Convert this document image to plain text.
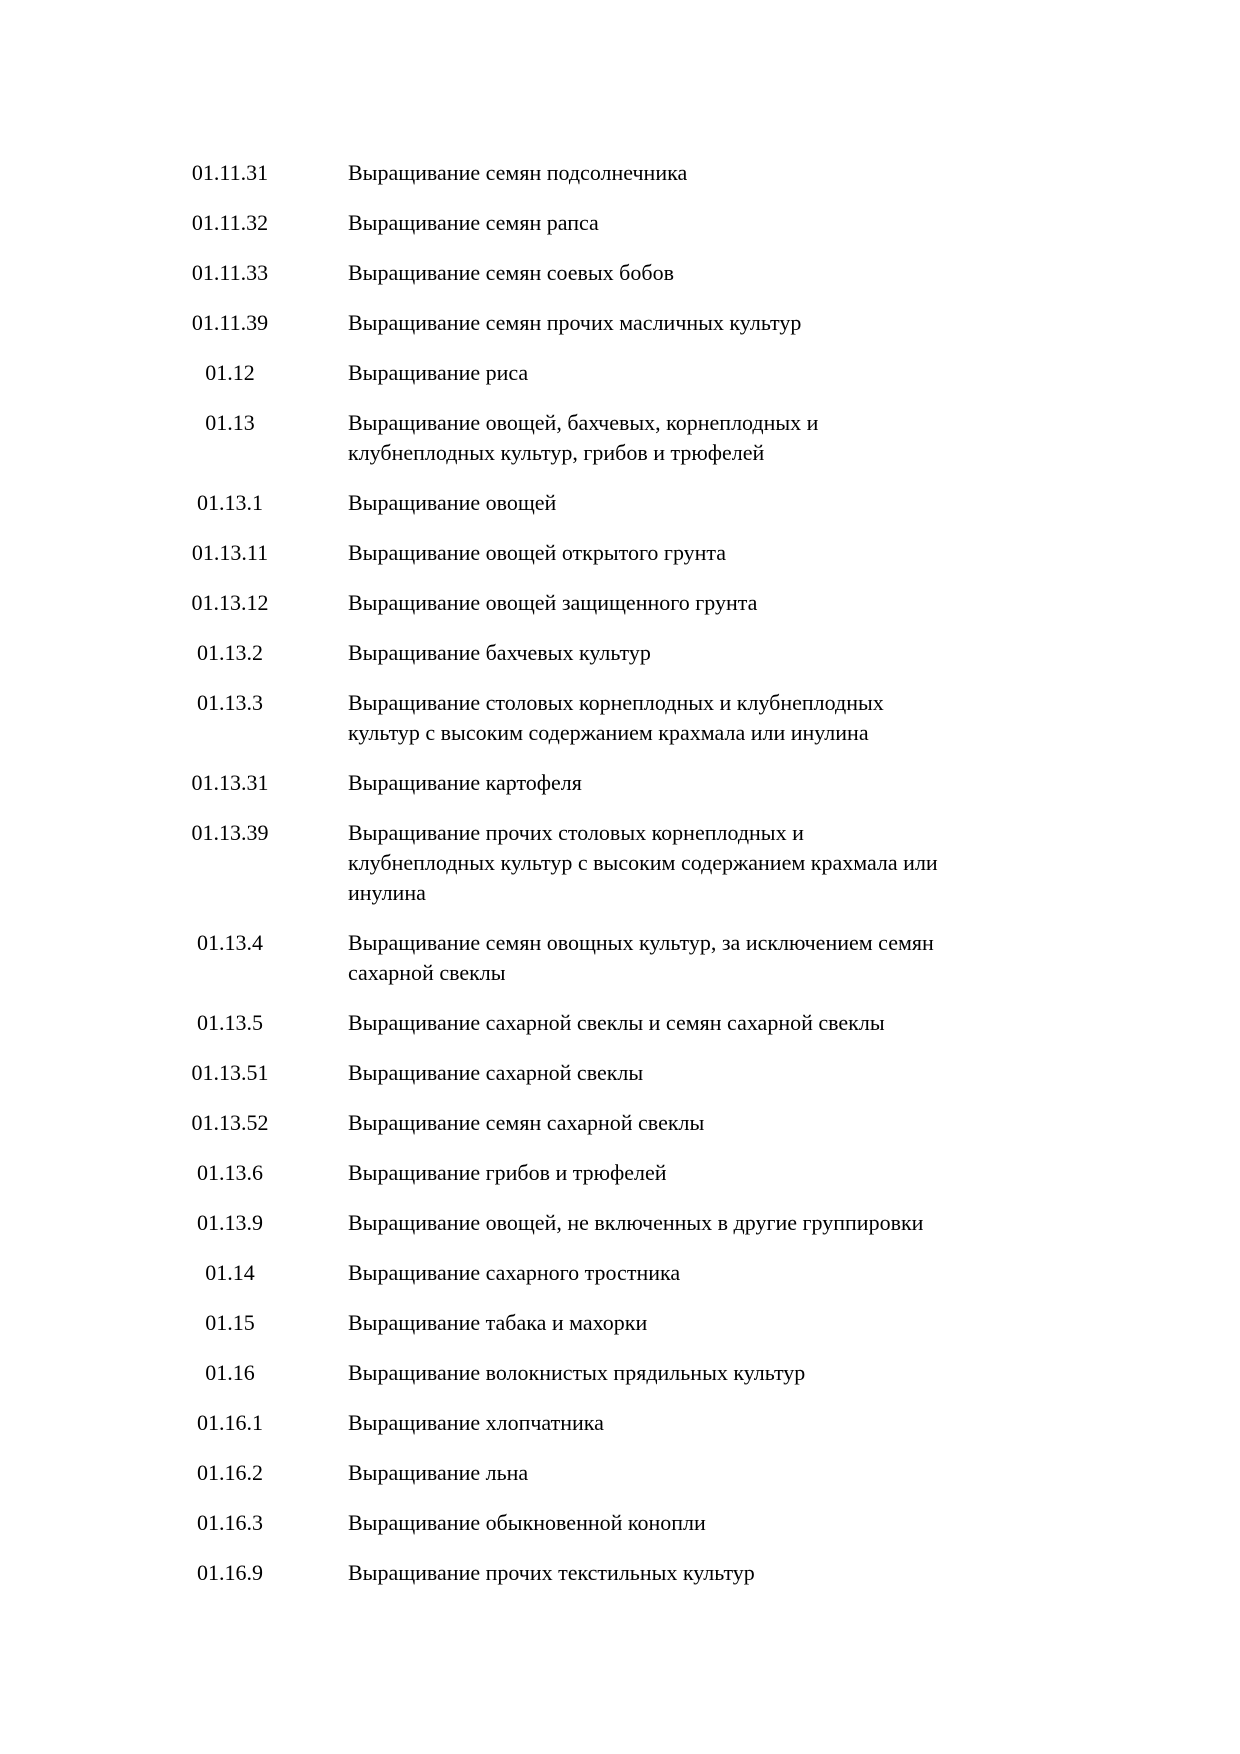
01.11.31	Выращивание семян подсолнечника
01.11.32	Выращивание семян рапса
01.11.33	Выращивание семян соевых бобов
01.11.39	Выращивание семян прочих масличных культур
01.12	Выращивание риса
01.13	Выращивание овощей, бахчевых, корнеплодных и
клубнеплодных культур, грибов и трюфелей
01.13.1	Выращивание овощей
01.13.11	Выращивание овощей открытого грунта
01.13.12	Выращивание овощей защищенного грунта
01.13.2	Выращивание бахчевых культур
01.13.3	Выращивание столовых корнеплодных и клубнеплодных
культур с высоким содержанием крахмала или инулина
01.13.31	Выращивание картофеля
01.13.39	Выращивание прочих столовых корнеплодных и
клубнеплодных культур с высоким содержанием крахмала или
инулина
01.13.4	Выращивание семян овощных культур, за исключением семян
сахарной свеклы
01.13.5	Выращивание сахарной свеклы и семян сахарной свеклы
01.13.51	Выращивание сахарной свеклы
01.13.52	Выращивание семян сахарной свеклы
01.13.6	Выращивание грибов и трюфелей
01.13.9	Выращивание овощей, не включенных в другие группировки
01.14	Выращивание сахарного тростника
01.15	Выращивание табака и махорки
01.16	Выращивание волокнистых прядильных культур
01.16.1	Выращивание хлопчатника
01.16.2	Выращивание льна
01.16.3	Выращивание обыкновенной конопли
01.16.9	Выращивание прочих текстильных культур
